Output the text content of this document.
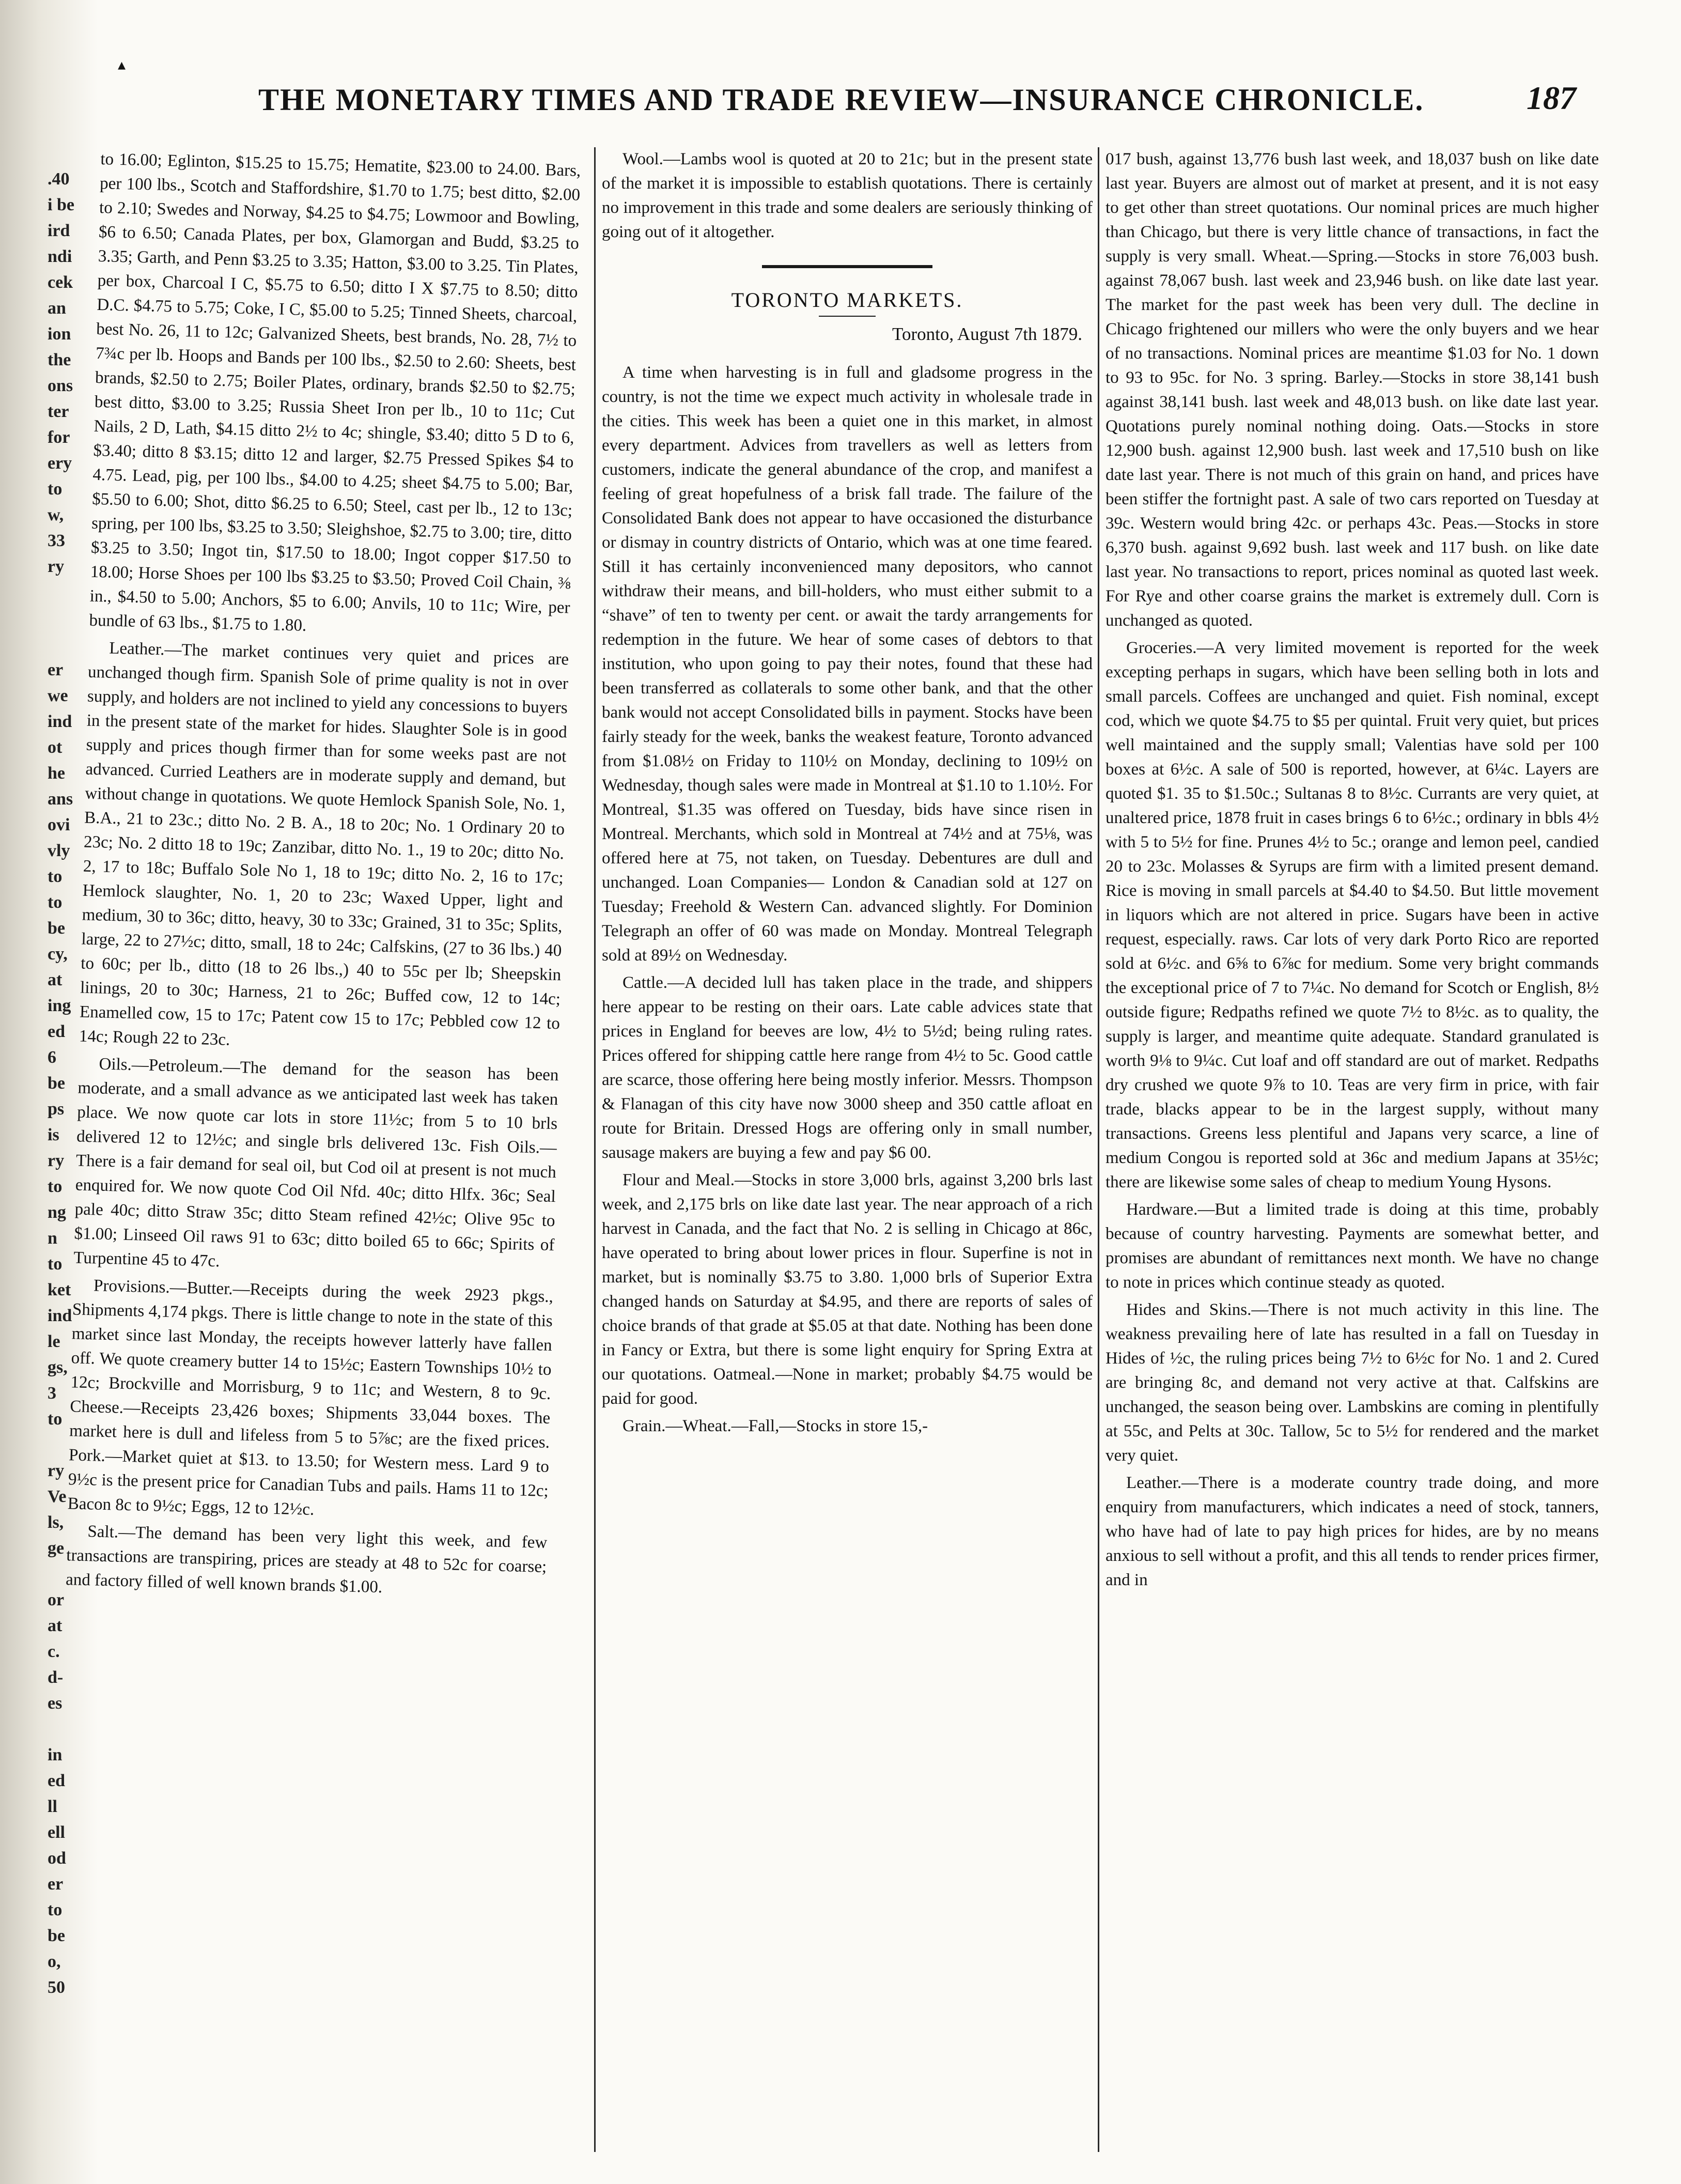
.40
i be
ird
ndi
cek
an
ion
the
ons
ter
for
ery
to
w,
33
ry
er
we
ind
ot
he
ans
ovi
vly
to
to
be
cy,
at
ing
ed
6
be
ps
is
ry
to
ng
n
to
ket
ind
le
gs,
3
to
ry
Ve
ls,
ge
or
at
c.
d-
es
in
ed
ll
ell
od
er
to
be
o,
50
▴
THE MONETARY TIMES AND TRADE REVIEW—INSURANCE CHRONICLE.	187

to 16.00; Eglinton, $15.25 to 15.75; Hematite, $23.00 to 24.00. Bars, per 100 lbs., Scotch and Staffordshire, $1.70 to 1.75; best ditto, $2.00 to 2.10; Swedes and Norway, $4.25 to $4.75; Lowmoor and Bowling, $6 to 6.50; Canada Plates, per box, Glamorgan and Budd, $3.25 to 3.35; Garth, and Penn $3.25 to 3.35; Hatton, $3.00 to 3.25. Tin Plates, per box, Charcoal I C, $5.75 to 6.50; ditto I X $7.75 to 8.50; ditto D.C. $4.75 to 5.75; Coke, I C, $5.00 to 5.25; Tinned Sheets, charcoal, best No. 26, 11 to 12c; Galvanized Sheets, best brands, No. 28, 7½ to 7¾c per lb. Hoops and Bands per 100 lbs., $2.50 to 2.60: Sheets, best brands, $2.50 to 2.75; Boiler Plates, ordinary, brands $2.50 to $2.75; best ditto, $3.00 to 3.25; Russia Sheet Iron per lb., 10 to 11c; Cut Nails, 2 D, Lath, $4.15 ditto 2½ to 4c; shingle, $3.40; ditto 5 D to 6, $3.40; ditto 8 $3.15; ditto 12 and larger, $2.75 Pressed Spikes $4 to 4.75. Lead, pig, per 100 lbs., $4.00 to 4.25; sheet $4.75 to 5.00; Bar, $5.50 to 6.00; Shot, ditto $6.25 to 6.50; Steel, cast per lb., 12 to 13c; spring, per 100 lbs, $3.25 to 3.50; Sleighshoe, $2.75 to 3.00; tire, ditto $3.25 to 3.50; Ingot tin, $17.50 to 18.00; Ingot copper $17.50 to 18.00; Horse Shoes per 100 lbs $3.25 to $3.50; Proved Coil Chain, ⅜ in., $4.50 to 5.00; Anchors, $5 to 6.00; Anvils, 10 to 11c; Wire, per bundle of 63 lbs., $1.75 to 1.80.

Leather.—The market continues very quiet and prices are unchanged though firm. Spanish Sole of prime quality is not in over supply, and holders are not inclined to yield any concessions to buyers in the present state of the market for hides. Slaughter Sole is in good supply and prices though firmer than for some weeks past are not advanced. Curried Leathers are in moderate supply and demand, but without change in quotations. We quote Hemlock Spanish Sole, No. 1, B.A., 21 to 23c.; ditto No. 2 B. A., 18 to 20c; No. 1 Ordinary 20 to 23c; No. 2 ditto 18 to 19c; Zanzibar, ditto No. 1., 19 to 20c; ditto No. 2, 17 to 18c; Buffalo Sole No 1, 18 to 19c; ditto No. 2, 16 to 17c; Hemlock slaughter, No. 1, 20 to 23c; Waxed Upper, light and medium, 30 to 36c; ditto, heavy, 30 to 33c; Grained, 31 to 35c; Splits, large, 22 to 27½c; ditto, small, 18 to 24c; Calfskins, (27 to 36 lbs.) 40 to 60c; per lb., ditto (18 to 26 lbs.,) 40 to 55c per lb; Sheepskin linings, 20 to 30c; Harness, 21 to 26c; Buffed cow, 12 to 14c; Enamelled cow, 15 to 17c; Patent cow 15 to 17c; Pebbled cow 12 to 14c; Rough 22 to 23c.

Oils.—Petroleum.—The demand for the season has been moderate, and a small advance as we anticipated last week has taken place. We now quote car lots in store 11½c; from 5 to 10 brls delivered 12 to 12½c; and single brls delivered 13c. Fish Oils.—There is a fair demand for seal oil, but Cod oil at present is not much enquired for. We now quote Cod Oil Nfd. 40c; ditto Hlfx. 36c; Seal pale 40c; ditto Straw 35c; ditto Steam refined 42½c; Olive 95c to $1.00; Linseed Oil raws 91 to 63c; ditto boiled 65 to 66c; Spirits of Turpentine 45 to 47c.

Provisions.—Butter.—Receipts during the week 2923 pkgs., Shipments 4,174 pkgs. There is little change to note in the state of this market since last Monday, the receipts however latterly have fallen off. We quote creamery butter 14 to 15½c; Eastern Townships 10½ to 12c; Brockville and Morrisburg, 9 to 11c; and Western, 8 to 9c. Cheese.—Receipts 23,426 boxes; Shipments 33,044 boxes. The market here is dull and lifeless from 5 to 5⅞c; are the fixed prices. Pork.—Market quiet at $13. to 13.50; for Western mess. Lard 9 to 9½c is the present price for Canadian Tubs and pails. Hams 11 to 12c; Bacon 8c to 9½c; Eggs, 12 to 12½c.

Salt.—The demand has been very light this week, and few transactions are transpiring, prices are steady at 48 to 52c for coarse; and factory filled of well known brands $1.00.

Wool.—Lambs wool is quoted at 20 to 21c; but in the present state of the market it is impossible to establish quotations. There is certainly no improvement in this trade and some dealers are seriously thinking of going out of it altogether.

TORONTO MARKETS.
Toronto, August 7th 1879.

A time when harvesting is in full and gladsome progress in the country, is not the time we expect much activity in wholesale trade in the cities. This week has been a quiet one in this market, in almost every department. Advices from travellers as well as letters from customers, indicate the general abundance of the crop, and manifest a feeling of great hopefulness of a brisk fall trade. The failure of the Consolidated Bank does not appear to have occasioned the disturbance or dismay in country districts of Ontario, which was at one time feared. Still it has certainly inconvenienced many depositors, who cannot withdraw their means, and bill-holders, who must either submit to a “shave” of ten to twenty per cent. or await the tardy arrangements for redemption in the future. We hear of some cases of debtors to that institution, who upon going to pay their notes, found that these had been transferred as collaterals to some other bank, and that the other bank would not accept Consolidated bills in payment. Stocks have been fairly steady for the week, banks the weakest feature, Toronto advanced from $1.08½ on Friday to 110½ on Monday, declining to 109½ on Wednesday, though sales were made in Montreal at $1.10 to 1.10½. For Montreal, $1.35 was offered on Tuesday, bids have since risen in Montreal. Merchants, which sold in Montreal at 74½ and at 75⅛, was offered here at 75, not taken, on Tuesday. Debentures are dull and unchanged. Loan Companies— London & Canadian sold at 127 on Tuesday; Freehold & Western Can. advanced slightly. For Dominion Telegraph an offer of 60 was made on Monday. Montreal Telegraph sold at 89½ on Wednesday.

Cattle.—A decided lull has taken place in the trade, and shippers here appear to be resting on their oars. Late cable advices state that prices in England for beeves are low, 4½ to 5½d; being ruling rates. Prices offered for shipping cattle here range from 4½ to 5c. Good cattle are scarce, those offering here being mostly inferior. Messrs. Thompson & Flanagan of this city have now 3000 sheep and 350 cattle afloat en route for Britain. Dressed Hogs are offering only in small number, sausage makers are buying a few and pay $6 00.

Flour and Meal.—Stocks in store 3,000 brls, against 3,200 brls last week, and 2,175 brls on like date last year. The near approach of a rich harvest in Canada, and the fact that No. 2 is selling in Chicago at 86c, have operated to bring about lower prices in flour. Superfine is not in market, but is nominally $3.75 to 3.80. 1,000 brls of Superior Extra changed hands on Saturday at $4.95, and there are reports of sales of choice brands of that grade at $5.05 at that date. Nothing has been done in Fancy or Extra, but there is some light enquiry for Spring Extra at our quotations. Oatmeal.—None in market; probably $4.75 would be paid for good.

Grain.—Wheat.—Fall,—Stocks in store 15,-

017 bush, against 13,776 bush last week, and 18,037 bush on like date last year. Buyers are almost out of market at present, and it is not easy to get other than street quotations. Our nominal prices are much higher than Chicago, but there is very little chance of transactions, in fact the supply is very small. Wheat.—Spring.—Stocks in store 76,003 bush. against 78,067 bush. last week and 23,946 bush. on like date last year. The market for the past week has been very dull. The decline in Chicago frightened our millers who were the only buyers and we hear of no transactions. Nominal prices are meantime $1.03 for No. 1 down to 93 to 95c. for No. 3 spring. Barley.—Stocks in store 38,141 bush against 38,141 bush. last week and 48,013 bush. on like date last year. Quotations purely nominal nothing doing. Oats.—Stocks in store 12,900 bush. against 12,900 bush. last week and 17,510 bush on like date last year. There is not much of this grain on hand, and prices have been stiffer the fortnight past. A sale of two cars reported on Tuesday at 39c. Western would bring 42c. or perhaps 43c. Peas.—Stocks in store 6,370 bush. against 9,692 bush. last week and 117 bush. on like date last year. No transactions to report, prices nominal as quoted last week. For Rye and other coarse grains the market is extremely dull. Corn is unchanged as quoted.

Groceries.—A very limited movement is reported for the week excepting perhaps in sugars, which have been selling both in lots and small parcels. Coffees are unchanged and quiet. Fish nominal, except cod, which we quote $4.75 to $5 per quintal. Fruit very quiet, but prices well maintained and the supply small; Valentias have sold per 100 boxes at 6½c. A sale of 500 is reported, however, at 6¼c. Layers are quoted $1. 35 to $1.50c.; Sultanas 8 to 8½c. Currants are very quiet, at unaltered price, 1878 fruit in cases brings 6 to 6½c.; ordinary in bbls 4½ with 5 to 5½ for fine. Prunes 4½ to 5c.; orange and lemon peel, candied 20 to 23c. Molasses & Syrups are firm with a limited present demand. Rice is moving in small parcels at $4.40 to $4.50. But little movement in liquors which are not altered in price. Sugars have been in active request, especially. raws. Car lots of very dark Porto Rico are reported sold at 6½c. and 6⅝ to 6⅞c for medium. Some very bright commands the exceptional price of 7 to 7¼c. No demand for Scotch or English, 8½ outside figure; Redpaths refined we quote 7½ to 8½c. as to quality, the supply is larger, and meantime quite adequate. Standard granulated is worth 9⅛ to 9¼c. Cut loaf and off standard are out of market. Redpaths dry crushed we quote 9⅞ to 10. Teas are very firm in price, with fair trade, blacks appear to be in the largest supply, without many transactions. Greens less plentiful and Japans very scarce, a line of medium Congou is reported sold at 36c and medium Japans at 35½c; there are likewise some sales of cheap to medium Young Hysons.

Hardware.—But a limited trade is doing at this time, probably because of country harvesting. Payments are somewhat better, and promises are abundant of remittances next month. We have no change to note in prices which continue steady as quoted.

Hides and Skins.—There is not much activity in this line. The weakness prevailing here of late has resulted in a fall on Tuesday in Hides of ½c, the ruling prices being 7½ to 6½c for No. 1 and 2. Cured are bringing 8c, and demand not very active at that. Calfskins are unchanged, the season being over. Lambskins are coming in plentifully at 55c, and Pelts at 30c. Tallow, 5c to 5½ for rendered and the market very quiet.

Leather.—There is a moderate country trade doing, and more enquiry from manufacturers, which indicates a need of stock, tanners, who have had of late to pay high prices for hides, are by no means anxious to sell without a profit, and this all tends to render prices firmer, and in
